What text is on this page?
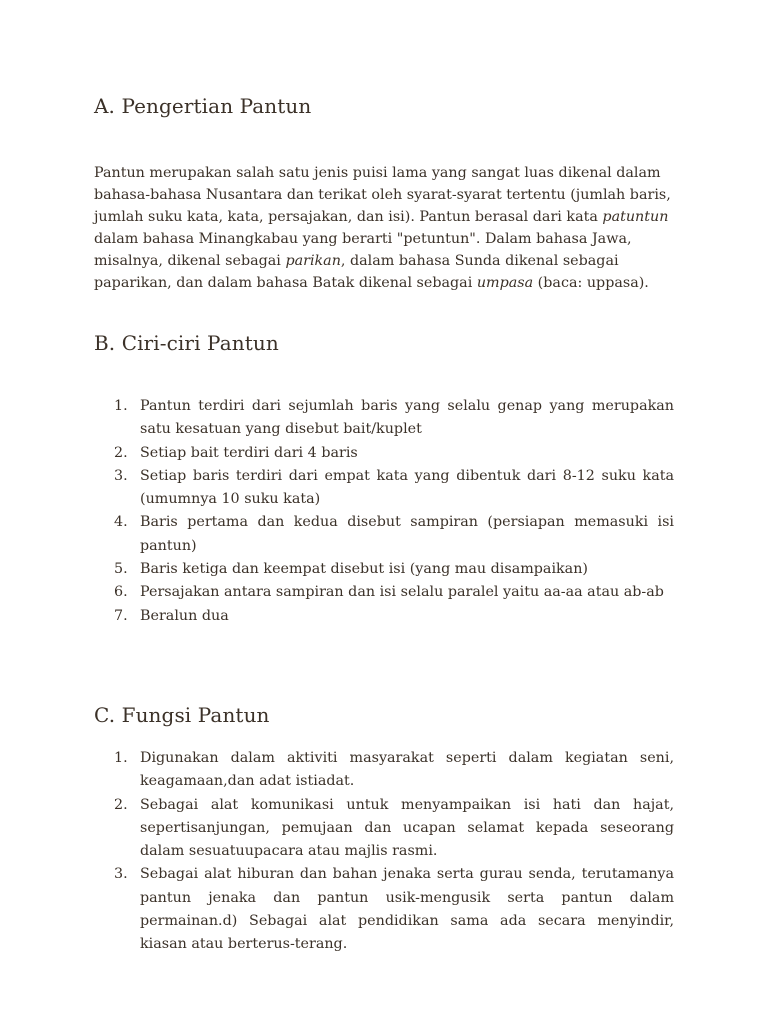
A. Pengertian Pantun

Pantun merupakan salah satu jenis puisi lama yang sangat luas dikenal dalam bahasa-bahasa Nusantara dan terikat oleh syarat-syarat tertentu (jumlah baris, jumlah suku kata, kata, persajakan, dan isi). Pantun berasal dari kata patuntun dalam bahasa Minangkabau yang berarti "petuntun". Dalam bahasa Jawa, misalnya, dikenal sebagai parikan, dalam bahasa Sunda dikenal sebagai paparikan, dan dalam bahasa Batak dikenal sebagai umpasa (baca: uppasa).

B. Ciri-ciri Pantun
1. Pantun terdiri dari sejumlah baris yang selalu genap yang merupakan satu kesatuan yang disebut bait/kuplet
2. Setiap bait terdiri dari 4 baris
3. Setiap baris terdiri dari empat kata yang dibentuk dari 8-12 suku kata (umumnya 10 suku kata)
4. Baris pertama dan kedua disebut sampiran (persiapan memasuki isi pantun)
5. Baris ketiga dan keempat disebut isi (yang mau disampaikan)
6. Persajakan antara sampiran dan isi selalu paralel yaitu aa-aa atau ab-ab
7. Beralun dua
C. Fungsi Pantun
1. Digunakan dalam aktiviti masyarakat seperti dalam kegiatan seni, keagamaan,dan adat istiadat.
2. Sebagai alat komunikasi untuk menyampaikan isi hati dan hajat, sepertisanjungan, pemujaan dan ucapan selamat kepada seseorang dalam sesuatuupacara atau majlis rasmi.
3. Sebagai alat hiburan dan bahan jenaka serta gurau senda, terutamanya pantun jenaka dan pantun usik-mengusik serta pantun dalam permainan.d) Sebagai alat pendidikan sama ada secara menyindir, kiasan atau berterus-terang.
